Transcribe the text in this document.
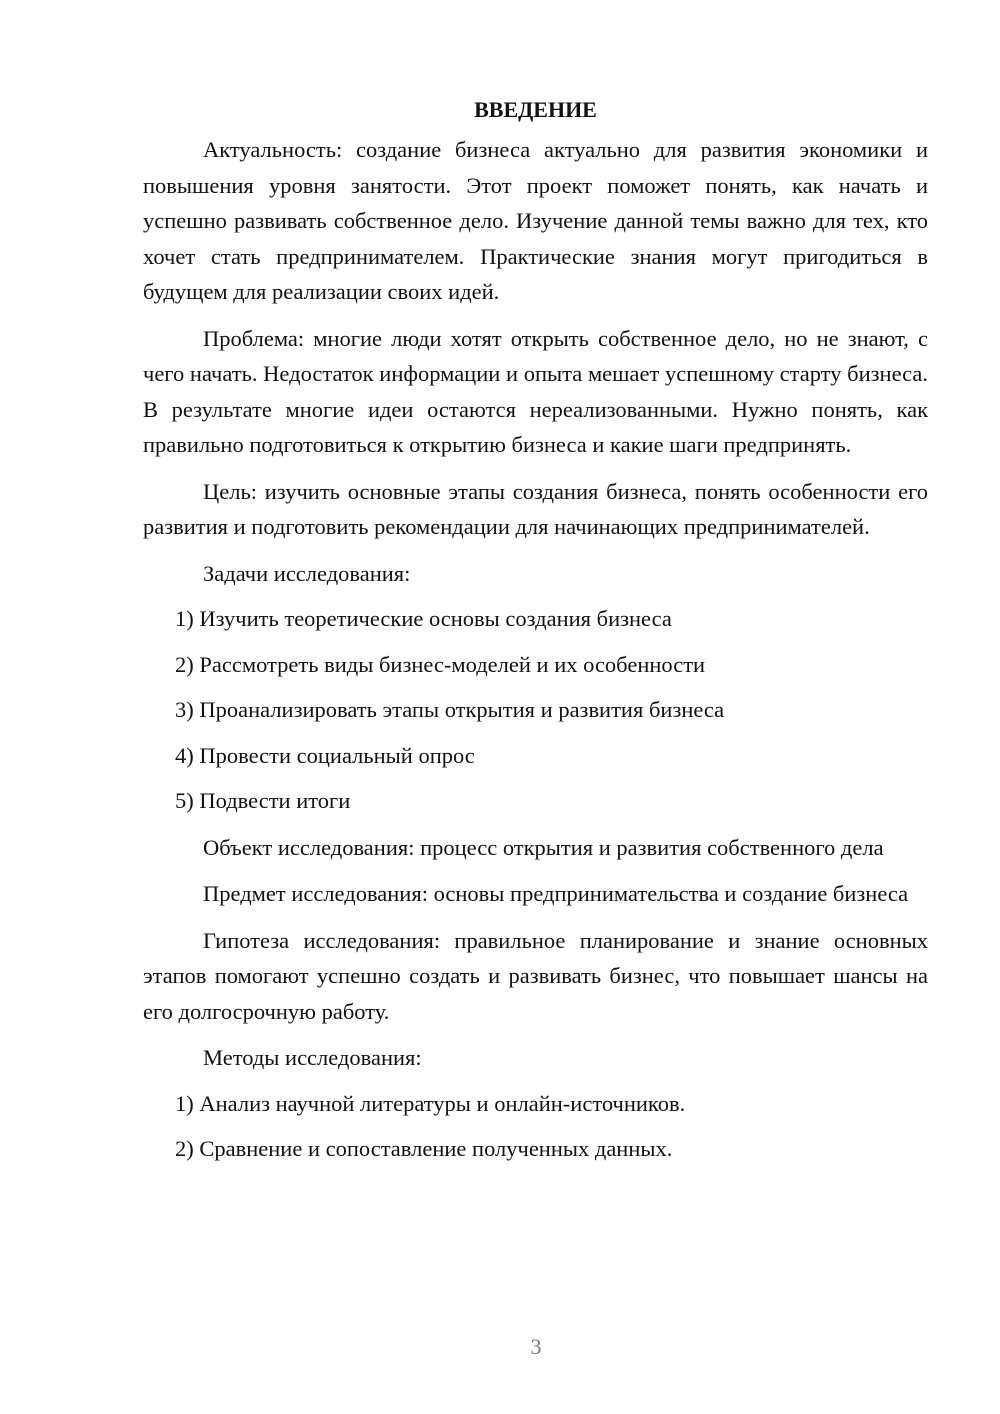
ВВЕДЕНИЕ

Актуальность: создание бизнеса актуально для развития экономики и повышения уровня занятости. Этот проект поможет понять, как начать и успешно развивать собственное дело. Изучение данной темы важно для тех, кто хочет стать предпринимателем. Практические знания могут пригодиться в будущем для реализации своих идей.

Проблема: многие люди хотят открыть собственное дело, но не знают, с чего начать. Недостаток информации и опыта мешает успешному старту бизнеса. В результате многие идеи остаются нереализованными. Нужно понять, как правильно подготовиться к открытию бизнеса и какие шаги предпринять.

Цель: изучить основные этапы создания бизнеса, понять особенности его развития и подготовить рекомендации для начинающих предпринимателей.

Задачи исследования:

1) Изучить теоретические основы создания бизнеса

2) Рассмотреть виды бизнес-моделей и их особенности

3) Проанализировать этапы открытия и развития бизнеса

4) Провести социальный опрос

5) Подвести итоги

Объект исследования: процесс открытия и развития собственного дела

Предмет исследования: основы предпринимательства и создание бизнеса

Гипотеза исследования: правильное планирование и знание основных этапов помогают успешно создать и развивать бизнес, что повышает шансы на его долгосрочную работу.

Методы исследования:

1) Анализ научной литературы и онлайн-источников.

2) Сравнение и сопоставление полученных данных.

3
